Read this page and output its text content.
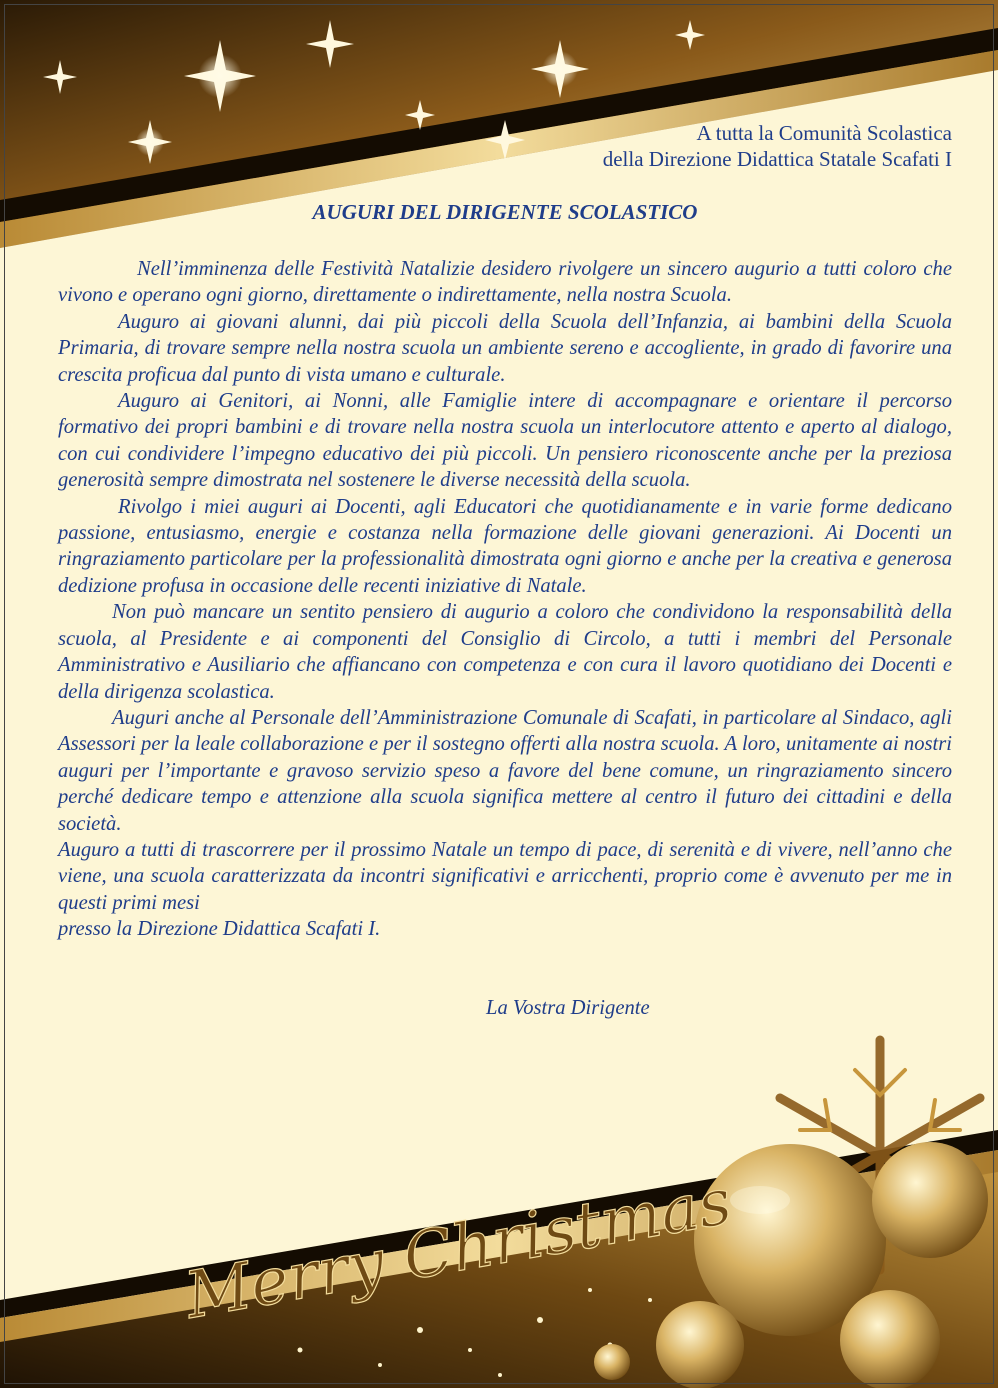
Merry Christmas
A tutta la Comunità Scolastica
della Direzione Didattica Statale Scafati I
AUGURI DEL DIRIGENTE SCOLASTICO

Nell’imminenza delle Festività Natalizie desidero rivolgere un sincero augurio a tutti coloro che vivono e operano ogni giorno, direttamente o indirettamente, nella nostra Scuola.

Auguro ai giovani alunni, dai più piccoli della Scuola dell’Infanzia, ai bambini della Scuola Primaria, di trovare sempre nella nostra scuola un ambiente sereno e accogliente, in grado di favorire una crescita proficua dal punto di vista umano e culturale.

Auguro ai Genitori, ai Nonni, alle Famiglie intere di accompagnare e orientare il percorso formativo dei propri bambini e di trovare nella nostra scuola un interlocutore attento e aperto al dialogo, con cui condividere l’impegno educativo dei più piccoli. Un pensiero riconoscente anche per la preziosa generosità sempre dimostrata nel sostenere le diverse necessità della scuola.

Rivolgo i miei auguri ai Docenti, agli Educatori che quotidianamente e in varie forme dedicano passione, entusiasmo, energie e costanza nella formazione delle giovani generazioni. Ai Docenti un ringraziamento particolare per la professionalità dimostrata ogni giorno e anche per la creativa e generosa dedizione profusa in occasione delle recenti iniziative di Natale.

Non può mancare un sentito pensiero di augurio a coloro che condividono la responsabilità della scuola, al Presidente e ai componenti del Consiglio di Circolo, a tutti i membri del Personale Amministrativo e Ausiliario che affiancano con competenza e con cura il lavoro quotidiano dei Docenti e della dirigenza scolastica.

Auguri anche al Personale dell’Amministrazione Comunale di Scafati, in particolare al Sindaco, agli Assessori per la leale collaborazione e per il sostegno offerti alla nostra scuola. A loro, unitamente ai nostri auguri per l’importante e gravoso servizio speso a favore del bene comune, un ringraziamento sincero perché dedicare tempo e attenzione alla scuola significa mettere al centro il futuro dei cittadini e della società.

Auguro a tutti di trascorrere per il prossimo Natale un tempo di pace, di serenità e di vivere, nell’anno che viene, una scuola caratterizzata da incontri significativi e arricchenti, proprio come è avvenuto per me in questi primi mesi

presso la Direzione Didattica Scafati I.

La Vostra Dirigente
